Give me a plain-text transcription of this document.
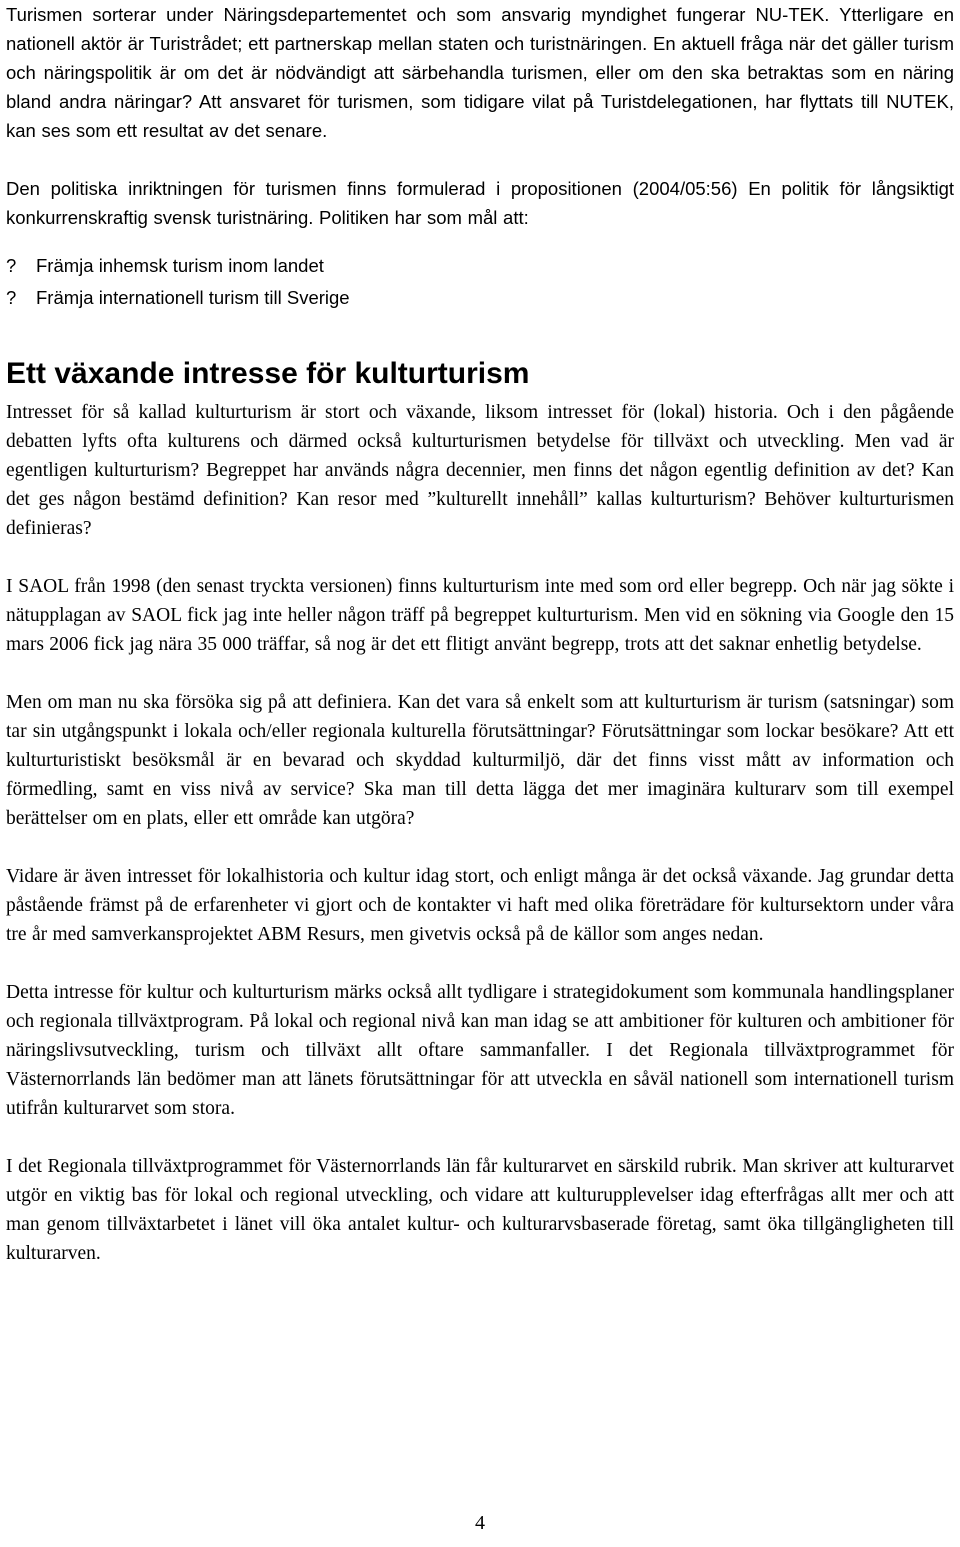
Turismen sorterar under Näringsdepartementet och som ansvarig myndighet fungerar NU-TEK. Ytterligare en nationell aktör är Turistrådet; ett partnerskap mellan staten och turistnäringen. En aktuell fråga när det gäller turism och näringspolitik är om det är nödvändigt att särbehandla turismen, eller om den ska betraktas som en näring bland andra näringar? Att ansvaret för turismen, som tidigare vilat på Turistdelegationen, har flyttats till NUTEK, kan ses som ett resultat av det senare.

Den politiska inriktningen för turismen finns formulerad i propositionen (2004/05:56) En politik för långsiktigt konkurrenskraftig svensk turistnäring. Politiken har som mål att:

?	Främja inhemsk turism inom landet
?	Främja internationell turism till Sverige
Ett växande intresse för kulturturism

Intresset för så kallad kulturturism är stort och växande, liksom intresset för (lokal) historia. Och i den pågående debatten lyfts ofta kulturens och därmed också kulturturismen betydelse för tillväxt och utveckling. Men vad är egentligen kulturturism? Begreppet har används några decennier, men finns det någon egentlig definition av det? Kan det ges någon bestämd definition? Kan resor med ”kulturellt innehåll” kallas kulturturism? Behöver kulturturismen definieras?

I SAOL från 1998 (den senast tryckta versionen) finns kulturturism inte med som ord eller begrepp. Och när jag sökte i nätupplagan av SAOL fick jag inte heller någon träff på begreppet kulturturism. Men vid en sökning via Google den 15 mars 2006 fick jag nära 35 000 träffar, så nog är det ett flitigt använt begrepp, trots att det saknar enhetlig betydelse.

Men om man nu ska försöka sig på att definiera. Kan det vara så enkelt som att kulturturism är turism (satsningar) som tar sin utgångspunkt i lokala och/eller regionala kulturella förutsättningar? Förutsättningar som lockar besökare? Att ett kulturturistiskt besöksmål är en bevarad och skyddad kulturmiljö, där det finns visst mått av information och förmedling, samt en viss nivå av service? Ska man till detta lägga det mer imaginära kulturarv som till exempel berättelser om en plats, eller ett område kan utgöra?

Vidare är även intresset för lokalhistoria och kultur idag stort, och enligt många är det också växande. Jag grundar detta påstående främst på de erfarenheter vi gjort och de kontakter vi haft med olika företrädare för kultursektorn under våra tre år med samverkansprojektet ABM Resurs, men givetvis också på de källor som anges nedan.

Detta intresse för kultur och kulturturism märks också allt tydligare i strategidokument som kommunala handlingsplaner och regionala tillväxtprogram. På lokal och regional nivå kan man idag se att ambitioner för kulturen och ambitioner för näringslivsutveckling, turism och tillväxt allt oftare sammanfaller. I det Regionala tillväxtprogrammet för Västernorrlands län bedömer man att länets förutsättningar för att utveckla en såväl nationell som internationell turism utifrån kulturarvet som stora.

I det Regionala tillväxtprogrammet för Västernorrlands län får kulturarvet en särskild rubrik. Man skriver att kulturarvet utgör en viktig bas för lokal och regional utveckling, och vidare att kulturupplevelser idag efterfrågas allt mer och att man genom tillväxtarbetet i länet vill öka antalet kultur- och kulturarvsbaserade företag, samt öka tillgängligheten till kulturarven.

4
